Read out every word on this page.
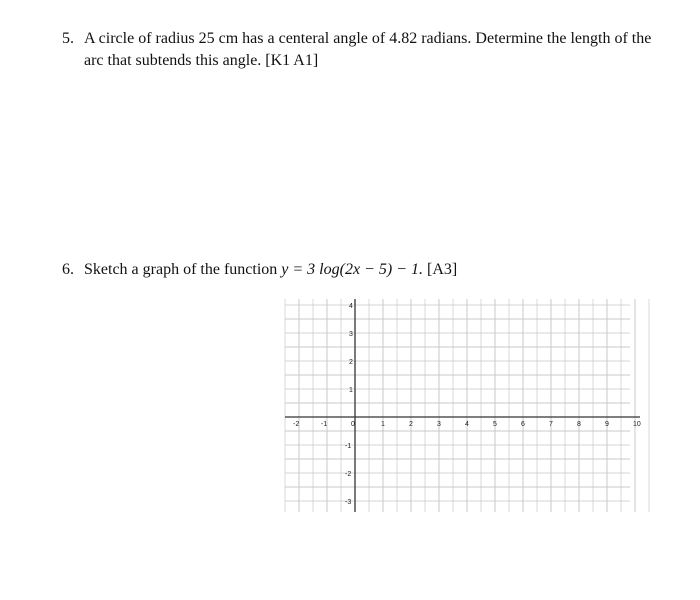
5. A circle of radius 25 cm has a centeral angle of 4.82 radians. Determine the length of the arc that subtends this angle. [K1 A1]
6. Sketch a graph of the function y = 3 log(2x − 5) − 1. [A3]
-2	-1	0	1	2	3	4	5	6	7	8	9	10
4
3
2
1
-1
-2
-3
